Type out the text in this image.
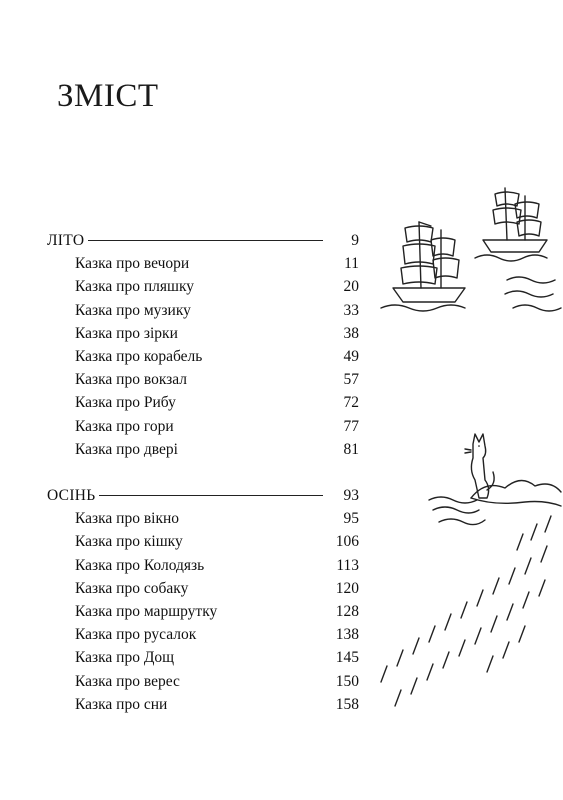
ЗМІСТ
ЛІТО	9
Казка про вечори	11
Казка про пляшку	20
Казка про музику	33
Казка про зірки	38
Казка про корабель	49
Казка про вокзал	57
Казка про Рибу	72
Казка про гори	77
Казка про двері	81
ОСІНЬ	93
Казка про вікно	95
Казка про кішку	106
Казка про Колодязь	113
Казка про собаку	120
Казка про маршрутку	128
Казка про русалок	138
Казка про Дощ	145
Казка про верес	150
Казка про сни	158
